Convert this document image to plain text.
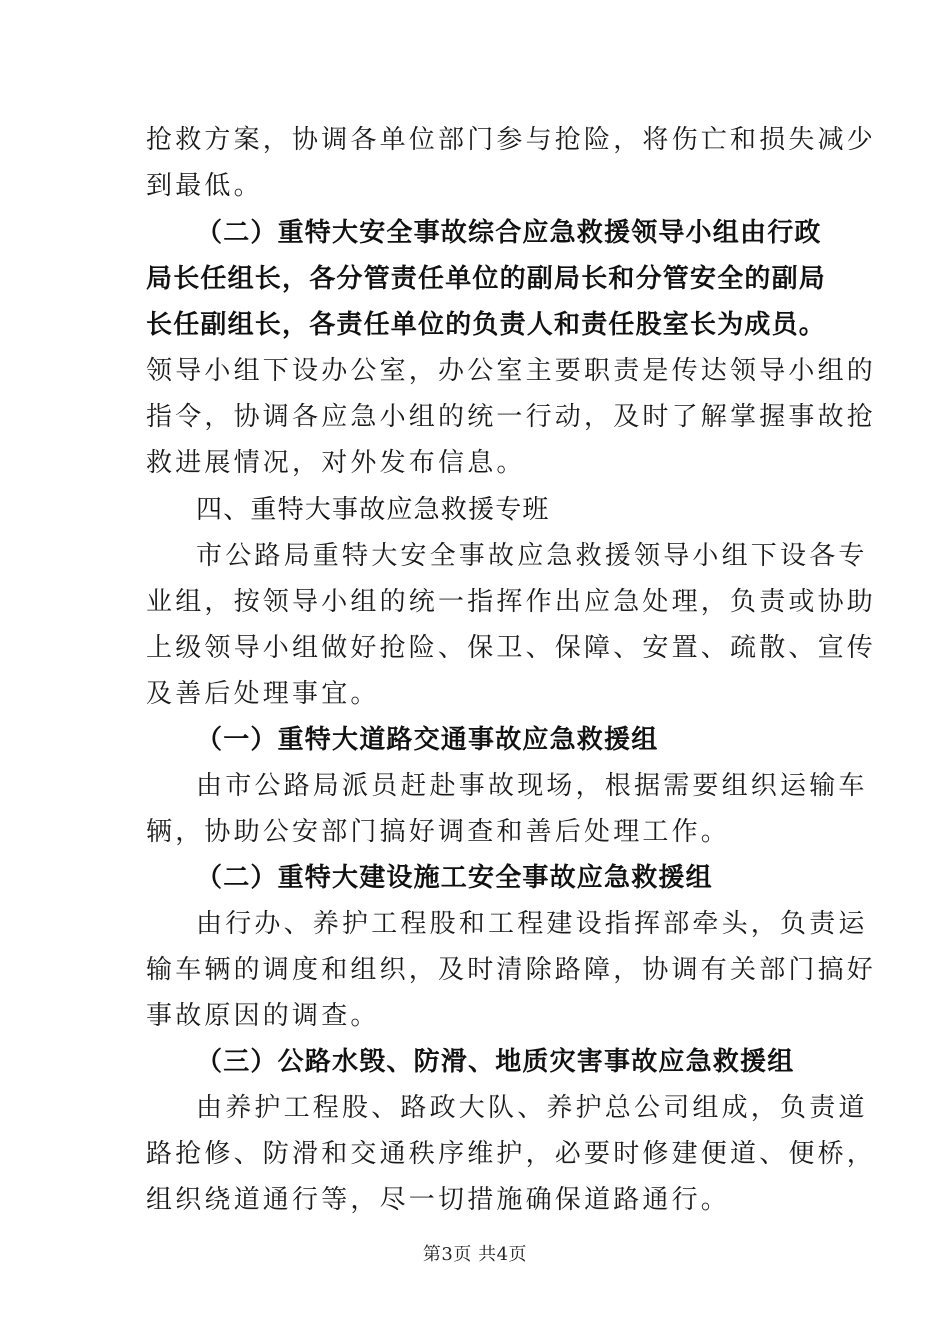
抢救方案，协调各单位部门参与抢险，将伤亡和损失减少
到最低。
（二）重特大安全事故综合应急救援领导小组由行政
局长任组长，各分管责任单位的副局长和分管安全的副局
长任副组长，各责任单位的负责人和责任股室长为成员。
领导小组下设办公室，办公室主要职责是传达领导小组的
指令，协调各应急小组的统一行动，及时了解掌握事故抢
救进展情况，对外发布信息。
四、重特大事故应急救援专班
市公路局重特大安全事故应急救援领导小组下设各专
业组，按领导小组的统一指挥作出应急处理，负责或协助
上级领导小组做好抢险、保卫、保障、安置、疏散、宣传
及善后处理事宜。
（一）重特大道路交通事故应急救援组
由市公路局派员赶赴事故现场，根据需要组织运输车
辆，协助公安部门搞好调查和善后处理工作。
（二）重特大建设施工安全事故应急救援组
由行办、养护工程股和工程建设指挥部牵头，负责运
输车辆的调度和组织，及时清除路障，协调有关部门搞好
事故原因的调查。
（三）公路水毁、防滑、地质灾害事故应急救援组
由养护工程股、路政大队、养护总公司组成，负责道
路抢修、防滑和交通秩序维护，必要时修建便道、便桥，
组织绕道通行等，尽一切措施确保道路通行。
第3页 共4页
